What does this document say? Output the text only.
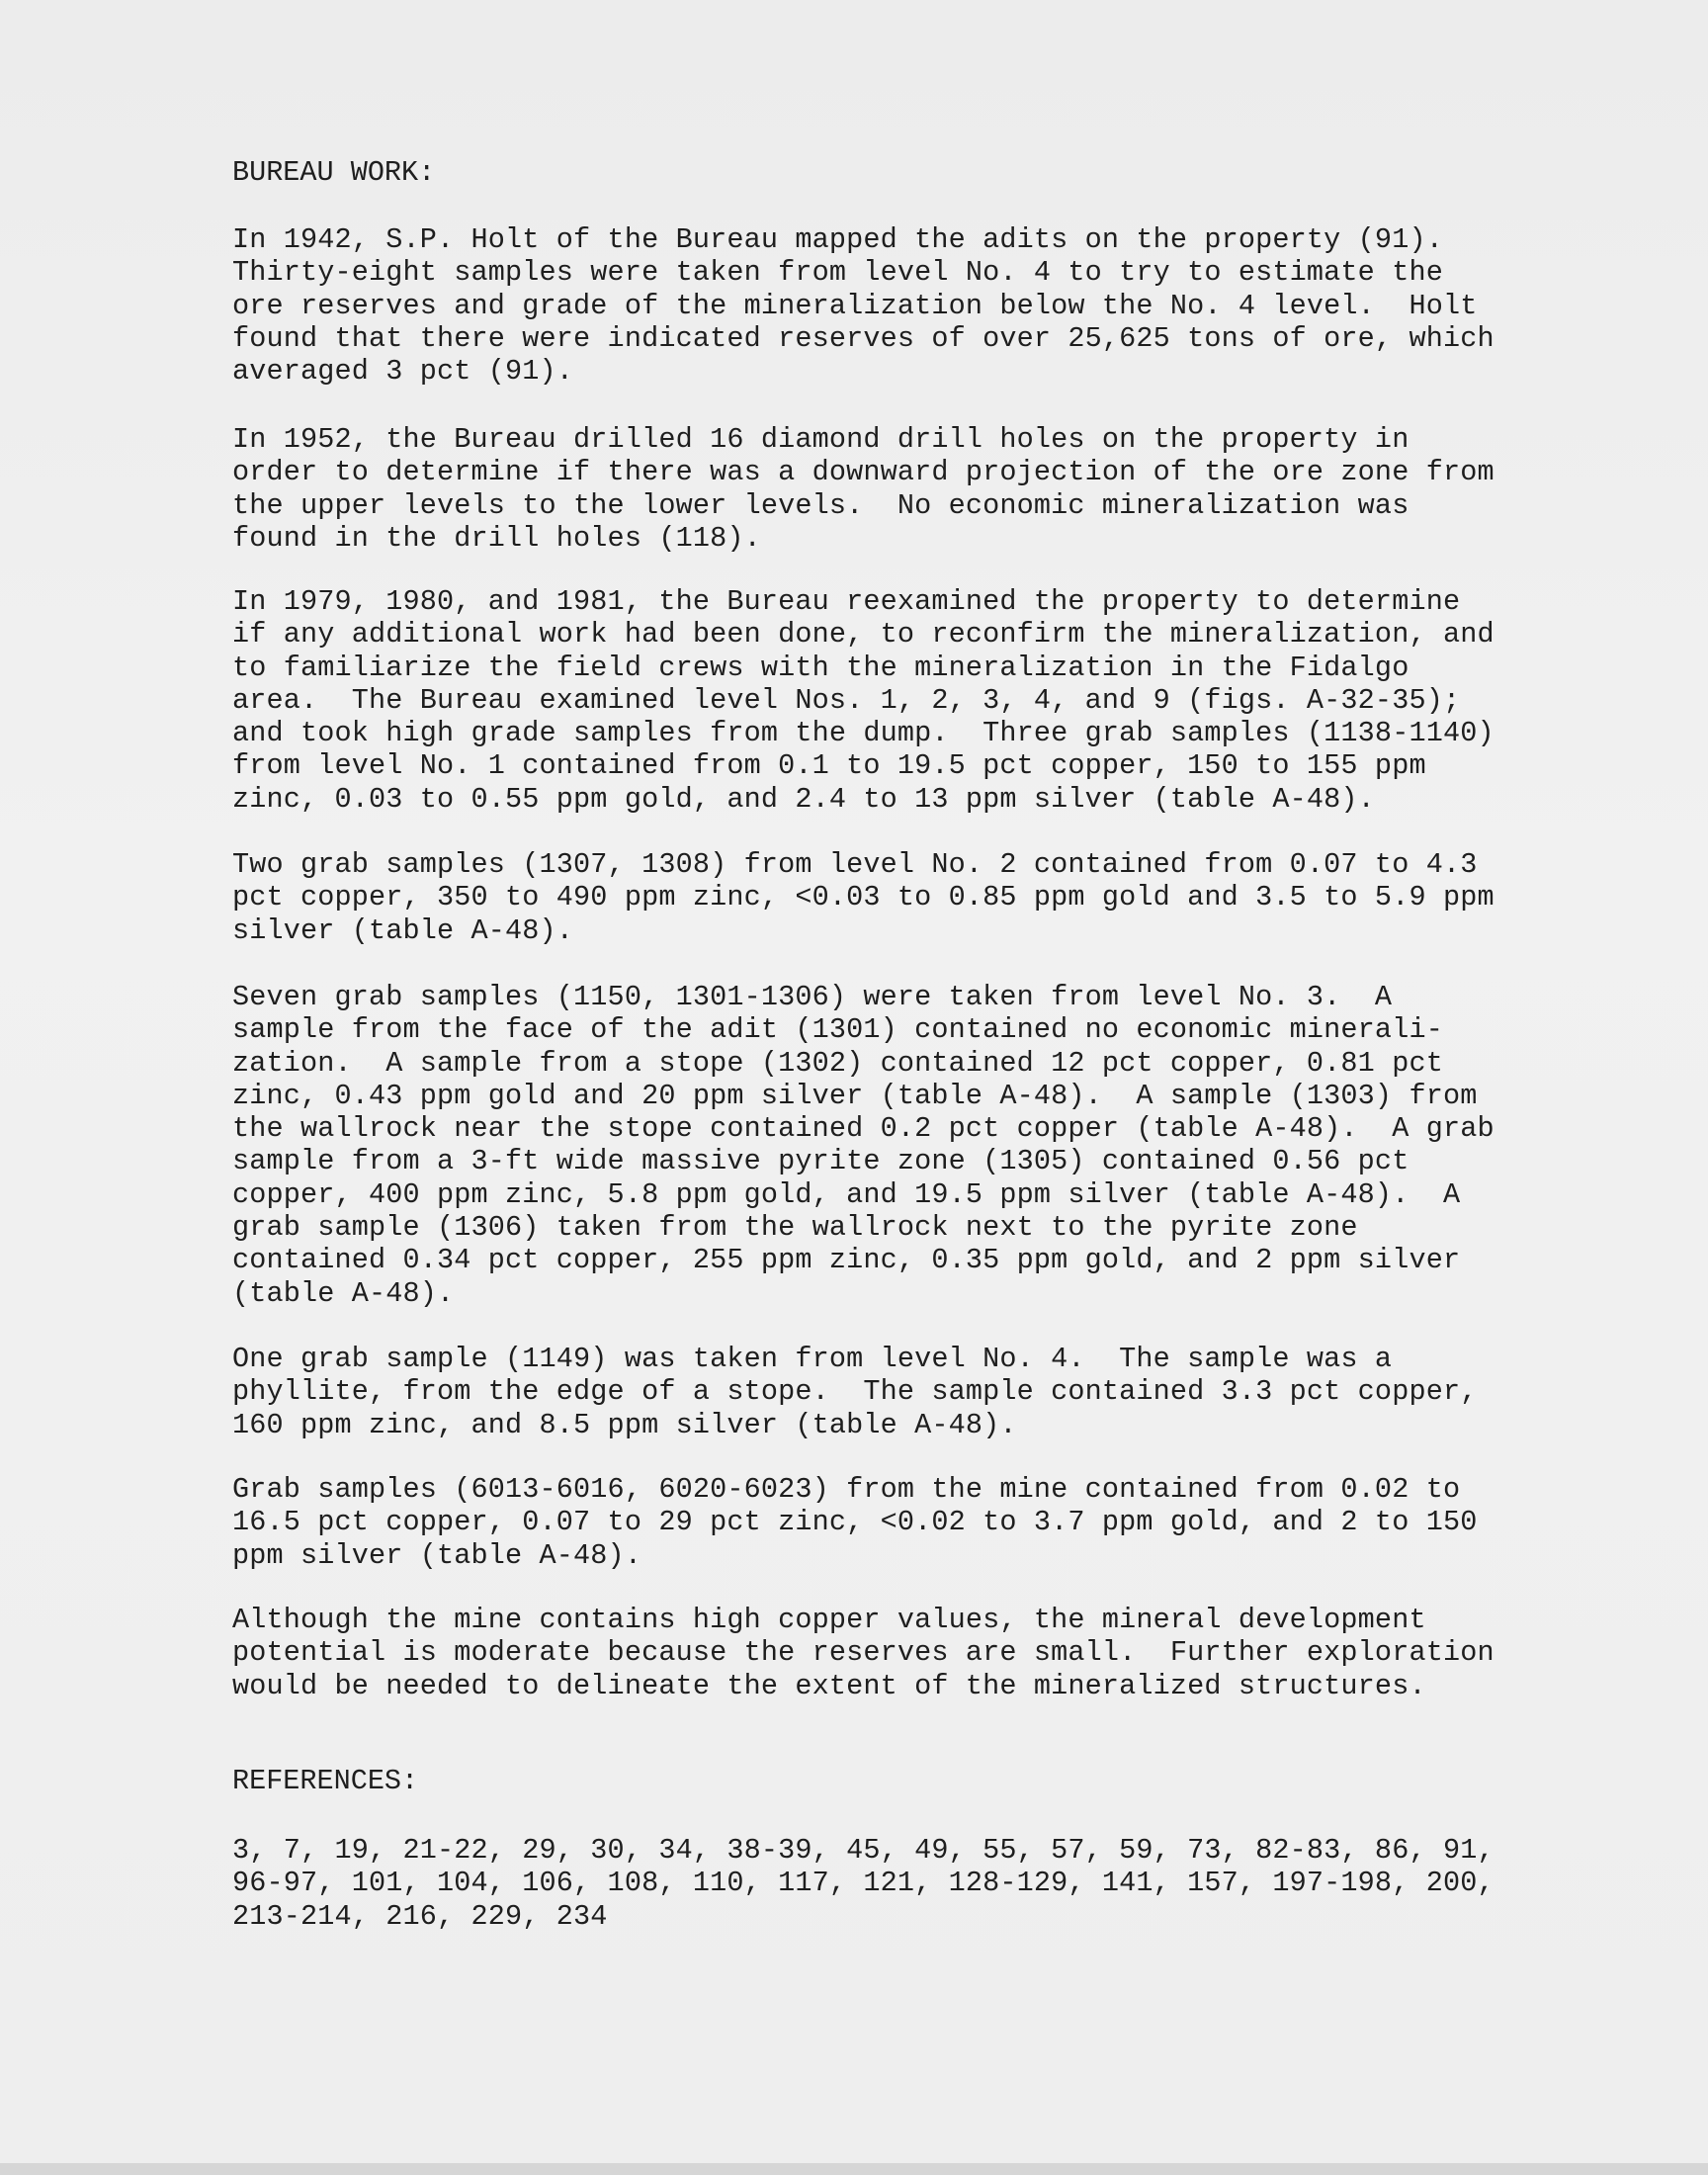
BUREAU WORK:
In 1942, S.P. Holt of the Bureau mapped the adits on the property (91).
Thirty-eight samples were taken from level No. 4 to try to estimate the
ore reserves and grade of the mineralization below the No. 4 level.  Holt
found that there were indicated reserves of over 25,625 tons of ore, which
averaged 3 pct (91).
In 1952, the Bureau drilled 16 diamond drill holes on the property in
order to determine if there was a downward projection of the ore zone from
the upper levels to the lower levels.  No economic mineralization was
found in the drill holes (118).
In 1979, 1980, and 1981, the Bureau reexamined the property to determine
if any additional work had been done, to reconfirm the mineralization, and
to familiarize the field crews with the mineralization in the Fidalgo
area.  The Bureau examined level Nos. 1, 2, 3, 4, and 9 (figs. A-32-35);
and took high grade samples from the dump.  Three grab samples (1138-1140)
from level No. 1 contained from 0.1 to 19.5 pct copper, 150 to 155 ppm
zinc, 0.03 to 0.55 ppm gold, and 2.4 to 13 ppm silver (table A-48).
Two grab samples (1307, 1308) from level No. 2 contained from 0.07 to 4.3
pct copper, 350 to 490 ppm zinc, <0.03 to 0.85 ppm gold and 3.5 to 5.9 ppm
silver (table A-48).
Seven grab samples (1150, 1301-1306) were taken from level No. 3.  A
sample from the face of the adit (1301) contained no economic minerali-
zation.  A sample from a stope (1302) contained 12 pct copper, 0.81 pct
zinc, 0.43 ppm gold and 20 ppm silver (table A-48).  A sample (1303) from
the wallrock near the stope contained 0.2 pct copper (table A-48).  A grab
sample from a 3-ft wide massive pyrite zone (1305) contained 0.56 pct
copper, 400 ppm zinc, 5.8 ppm gold, and 19.5 ppm silver (table A-48).  A
grab sample (1306) taken from the wallrock next to the pyrite zone
contained 0.34 pct copper, 255 ppm zinc, 0.35 ppm gold, and 2 ppm silver
(table A-48).
One grab sample (1149) was taken from level No. 4.  The sample was a
phyllite, from the edge of a stope.  The sample contained 3.3 pct copper,
160 ppm zinc, and 8.5 ppm silver (table A-48).
Grab samples (6013-6016, 6020-6023) from the mine contained from 0.02 to
16.5 pct copper, 0.07 to 29 pct zinc, <0.02 to 3.7 ppm gold, and 2 to 150
ppm silver (table A-48).
Although the mine contains high copper values, the mineral development
potential is moderate because the reserves are small.  Further exploration
would be needed to delineate the extent of the mineralized structures.
REFERENCES:
3, 7, 19, 21-22, 29, 30, 34, 38-39, 45, 49, 55, 57, 59, 73, 82-83, 86, 91,
96-97, 101, 104, 106, 108, 110, 117, 121, 128-129, 141, 157, 197-198, 200,
213-214, 216, 229, 234
